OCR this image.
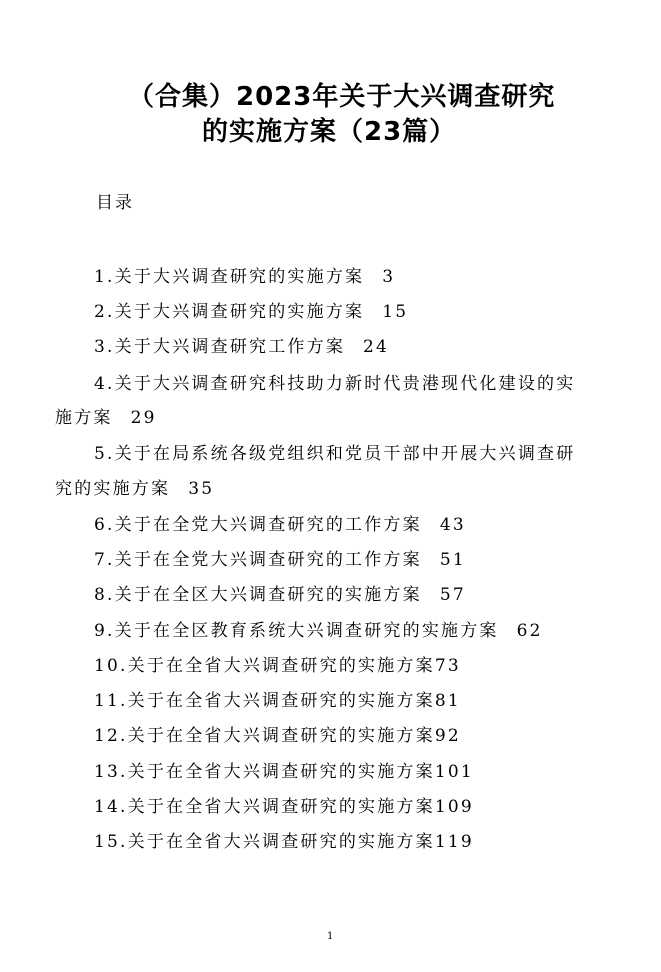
（合集）2023年关于大兴调查研究
的实施方案（23篇）
目录
1.关于大兴调查研究的实施方案 3
2.关于大兴调查研究的实施方案 15
3.关于大兴调查研究工作方案 24
4.关于大兴调查研究科技助力新时代贵港现代化建设的实
施方案 29
5.关于在局系统各级党组织和党员干部中开展大兴调查研
究的实施方案 35
6.关于在全党大兴调查研究的工作方案 43
7.关于在全党大兴调查研究的工作方案 51
8.关于在全区大兴调查研究的实施方案 57
9.关于在全区教育系统大兴调查研究的实施方案 62
10.关于在全省大兴调查研究的实施方案73
11.关于在全省大兴调查研究的实施方案81
12.关于在全省大兴调查研究的实施方案92
13.关于在全省大兴调查研究的实施方案101
14.关于在全省大兴调查研究的实施方案109
15.关于在全省大兴调查研究的实施方案119
1
